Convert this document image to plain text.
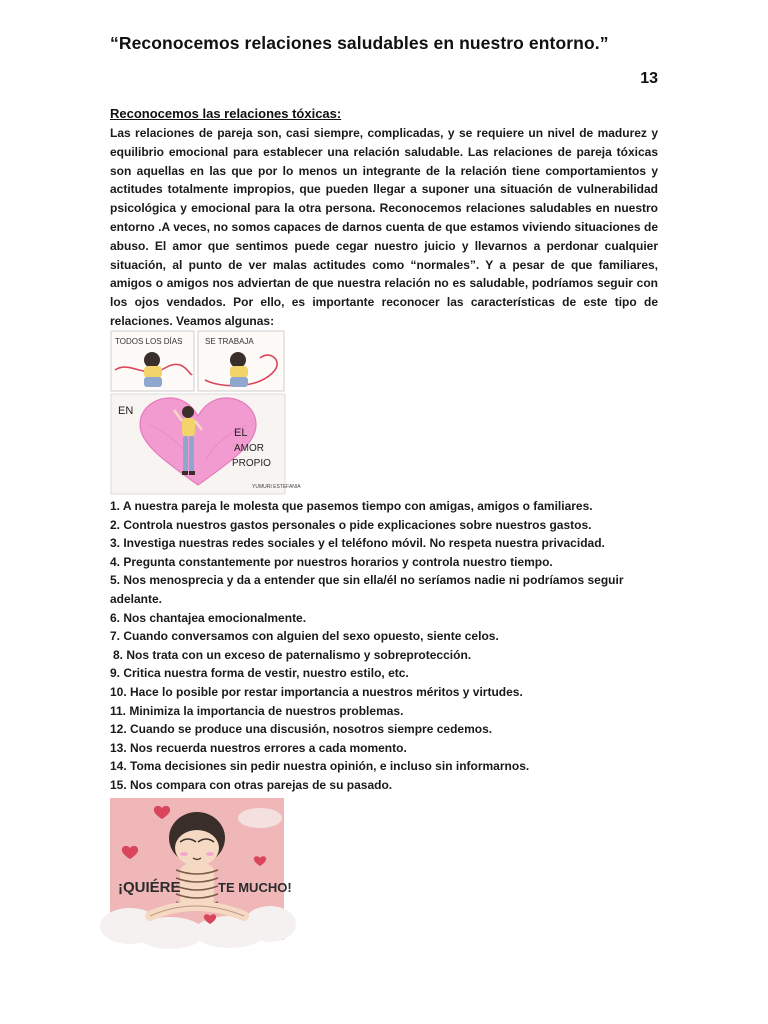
“Reconocemos relaciones saludables en nuestro entorno.”
13
Reconocemos las relaciones tóxicas:

Las relaciones de pareja son, casi siempre, complicadas, y se requiere un nivel de madurez y equilibrio emocional para establecer una relación saludable. Las relaciones de pareja tóxicas son aquellas en las que por lo menos un integrante de la relación tiene comportamientos y actitudes totalmente impropios, que pueden llegar a suponer una situación de vulnerabilidad psicológica y emocional para la otra persona. Reconocemos relaciones saludables en nuestro entorno .A veces, no somos capaces de darnos cuenta de que estamos viviendo situaciones de abuso. El amor que sentimos puede cegar nuestro juicio y llevarnos a perdonar cualquier situación, al punto de ver malas actitudes como “normales”. Y a pesar de que familiares, amigos o amigos nos adviertan de que nuestra relación no es saludable, podríamos seguir con los ojos vendados. Por ello, es importante reconocer las características de este tipo de relaciones. Veamos algunas:

TODOS LOS DÍAS	SE TRABAJA
EN
EL
AMOR
PROPIO
YUMURI ESTEFANIA
1. A nuestra pareja le molesta que pasemos tiempo con amigas, amigos o familiares.
2. Controla nuestros gastos personales o pide explicaciones sobre nuestros gastos.
3. Investiga nuestras redes sociales y el teléfono móvil. No respeta nuestra privacidad.
4. Pregunta constantemente por nuestros horarios y controla nuestro tiempo.
5. Nos menosprecia y da a entender que sin ella/él no seríamos nadie ni podríamos seguir adelante.
6. Nos chantajea emocionalmente.
7. Cuando conversamos con alguien del sexo opuesto, siente celos.
8. Nos trata con un exceso de paternalismo y sobreprotección.
9. Critica nuestra forma de vestir, nuestro estilo, etc.
10. Hace lo posible por restar importancia a nuestros méritos y virtudes.
11. Minimiza la importancia de nuestros problemas.
12. Cuando se produce una discusión, nosotros siempre cedemos.
13. Nos recuerda nuestros errores a cada momento.
14. Toma decisiones sin pedir nuestra opinión, e incluso sin informarnos.
15. Nos compara con otras parejas de su pasado.
¡QUIÉRE	TE MUCHO!
